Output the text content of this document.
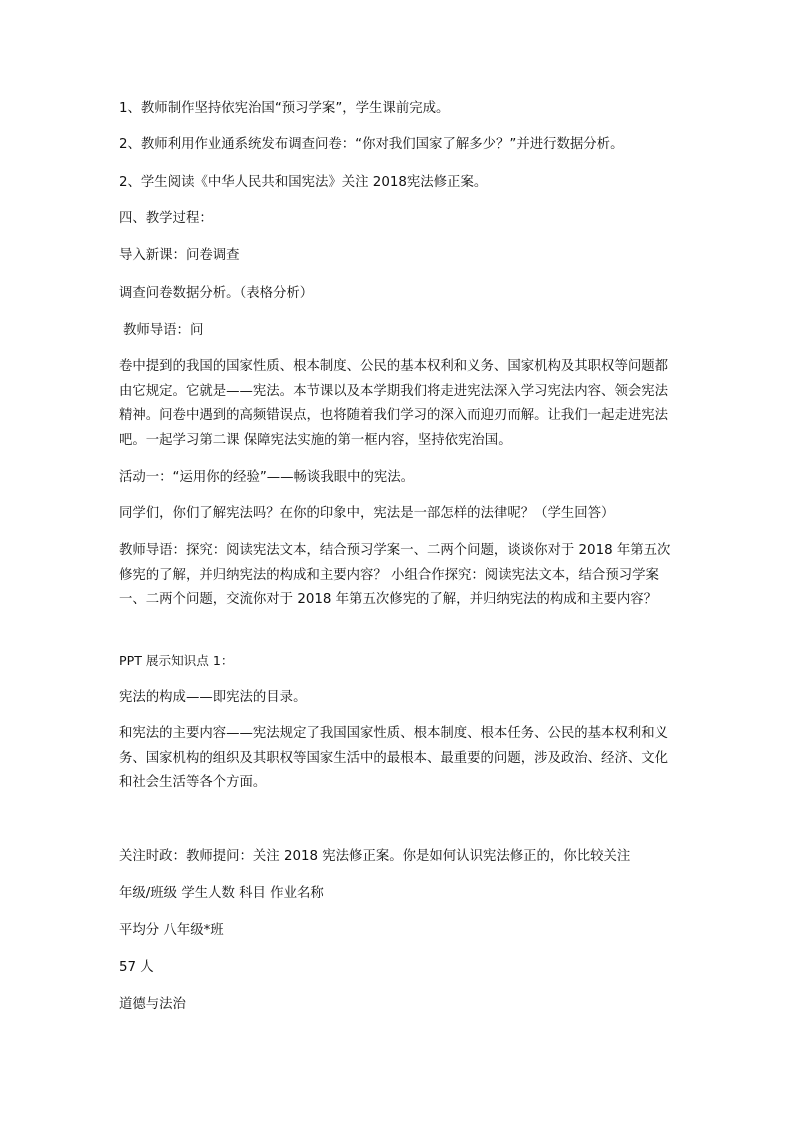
1、教师制作坚持依宪治国“预习学案”，学生课前完成。

2、教师利用作业通系统发布调查问卷：“你对我们国家了解多少？”并进行数据分析。

2、学生阅读《中华人民共和国宪法》关注 2018宪法修正案。

四、教学过程：

导入新课：问卷调查

调查问卷数据分析。（表格分析）

教师导语：问

卷中提到的我国的国家性质、根本制度、公民的基本权利和义务、国家机构及其职权等问题都由它规定。它就是——宪法。本节课以及本学期我们将走进宪法深入学习宪法内容、领会宪法精神。问卷中遇到的高频错误点，也将随着我们学习的深入而迎刃而解。让我们一起走进宪法吧。一起学习第二课 保障宪法实施的第一框内容，坚持依宪治国。

活动一：“运用你的经验”——畅谈我眼中的宪法。

同学们，你们了解宪法吗？在你的印象中，宪法是一部怎样的法律呢？（学生回答）

教师导语：探究：阅读宪法文本，结合预习学案一、二两个问题，谈谈你对于 2018 年第五次修宪的了解，并归纳宪法的构成和主要内容？ 小组合作探究：阅读宪法文本，结合预习学案一、二两个问题，交流你对于 2018 年第五次修宪的了解，并归纳宪法的构成和主要内容？

PPT 展示知识点 1：

宪法的构成——即宪法的目录。

和宪法的主要内容——宪法规定了我国国家性质、根本制度、根本任务、公民的基本权利和义务、国家机构的组织及其职权等国家生活中的最根本、最重要的问题，涉及政治、经济、文化和社会生活等各个方面。

关注时政：教师提问：关注 2018 宪法修正案。你是如何认识宪法修正的，你比较关注

年级/班级 学生人数 科目 作业名称

平均分 八年级*班

57 人

道德与法治
